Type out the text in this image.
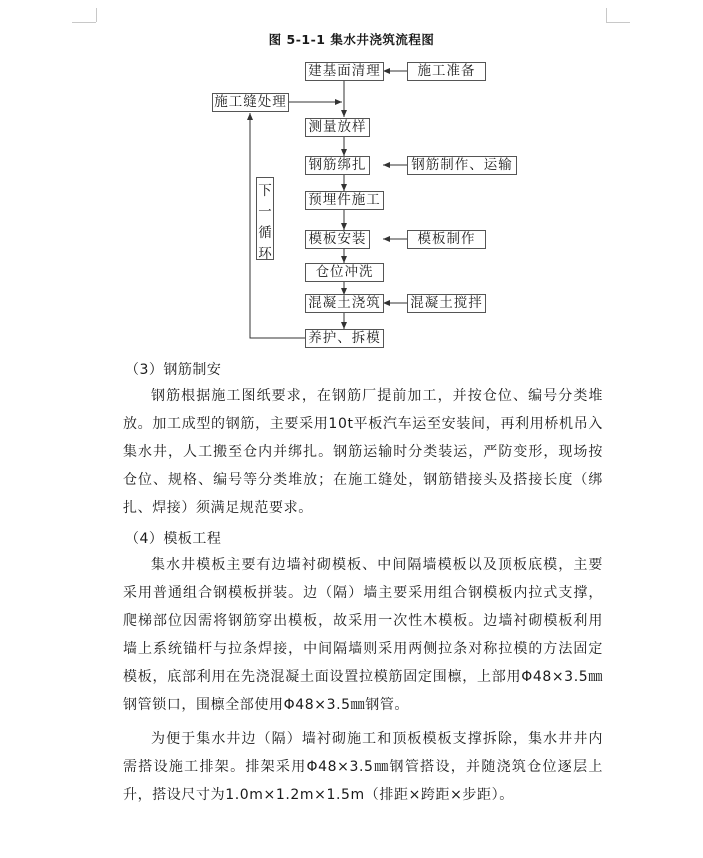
图 5-1-1 集水井浇筑流程图
建基面清理
测量放样
钢筋绑扎
预埋件施工
模板安装
仓位冲洗
混凝土浇筑
养护、拆模
施工准备
钢筋制作、运输
模板制作
混凝土搅拌
施工缝处理
下
一
循
环
（3）钢筋制安

钢筋根据施工图纸要求，在钢筋厂提前加工，并按仓位、编号分类堆放。加工成型的钢筋，主要采用10t平板汽车运至安装间，再利用桥机吊入集水井，人工搬至仓内并绑扎。钢筋运输时分类装运，严防变形，现场按仓位、规格、编号等分类堆放；在施工缝处，钢筋错接头及搭接长度（绑扎、焊接）须满足规范要求。

（4）模板工程

集水井模板主要有边墙衬砌模板、中间隔墙模板以及顶板底模，主要采用普通组合钢模板拼装。边（隔）墙主要采用组合钢模板内拉式支撑，爬梯部位因需将钢筋穿出模板，故采用一次性木模板。边墙衬砌模板利用墙上系统锚杆与拉条焊接，中间隔墙则采用两侧拉条对称拉模的方法固定模板，底部利用在先浇混凝土面设置拉模筋固定围檩，上部用Φ48×3.5㎜钢管锁口，围檩全部使用Φ48×3.5㎜钢管。

为便于集水井边（隔）墙衬砌施工和顶板模板支撑拆除，集水井井内需搭设施工排架。排架采用Φ48×3.5㎜钢管搭设，并随浇筑仓位逐层上升，搭设尺寸为1.0m×1.2m×1.5m（排距×跨距×步距）。
